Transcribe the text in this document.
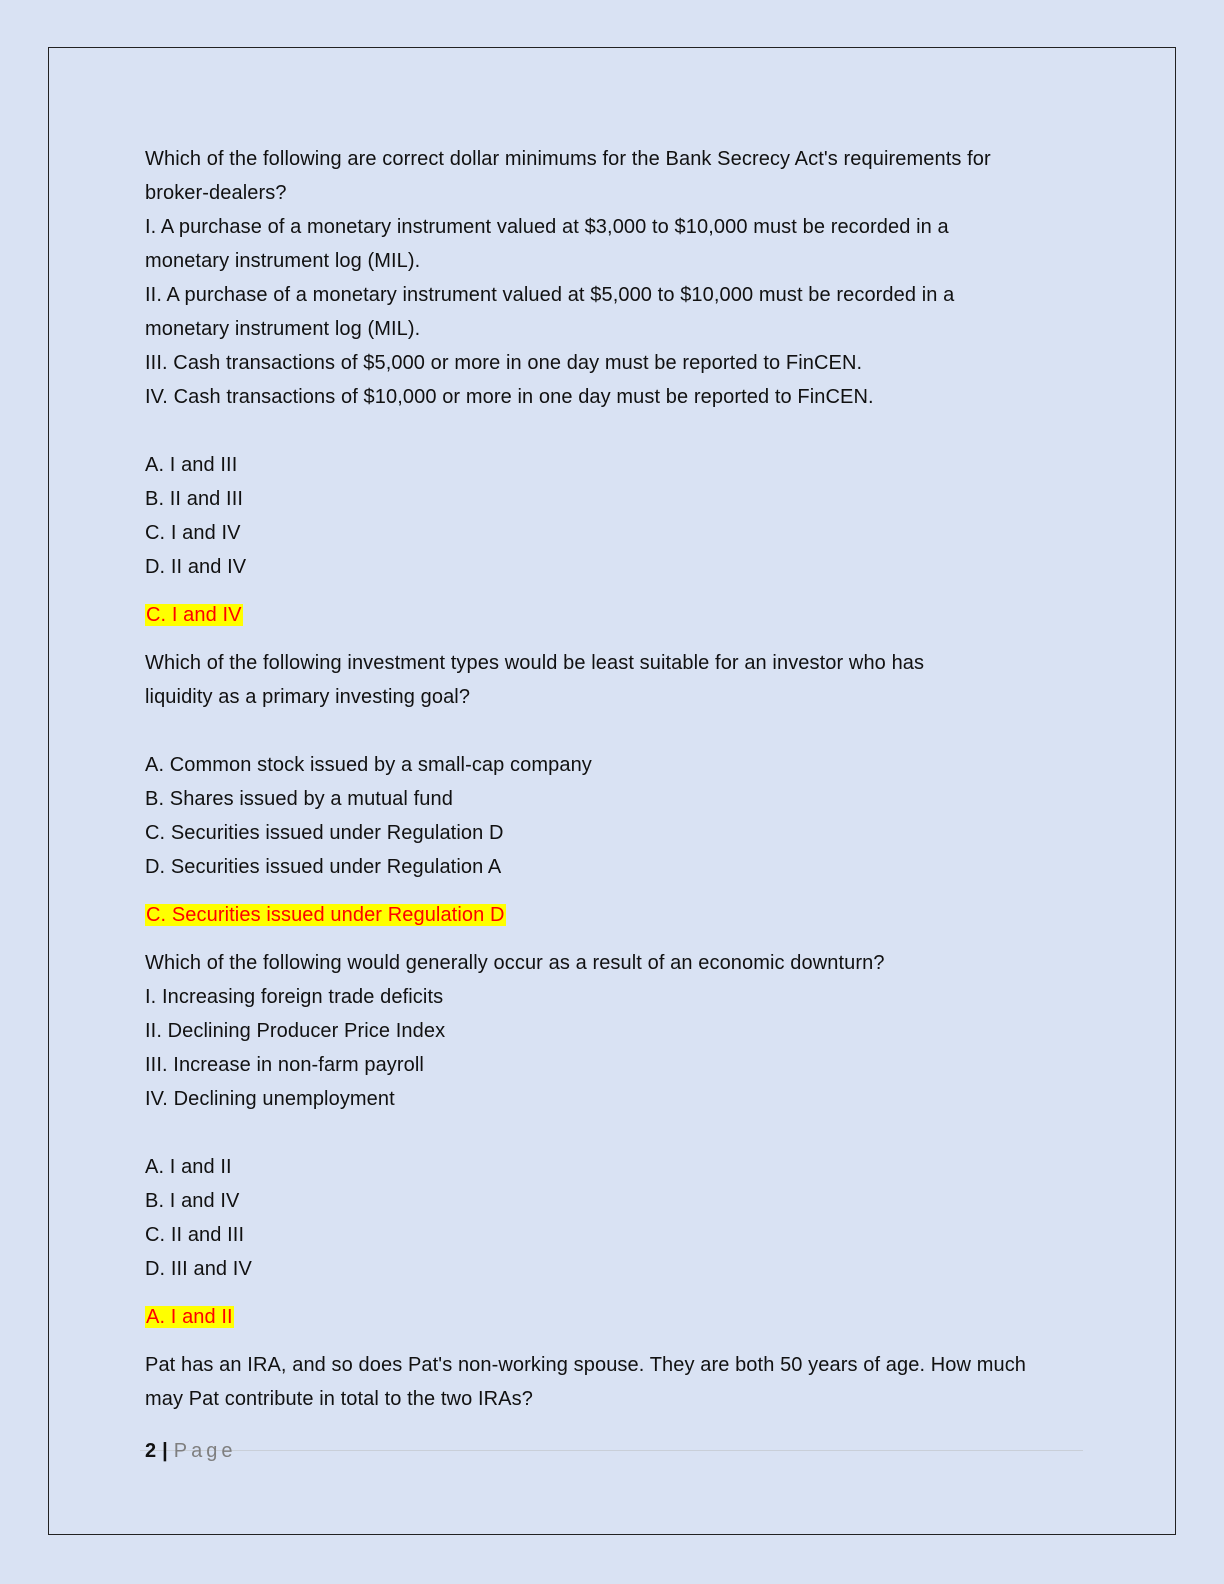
Which of the following are correct dollar minimums for the Bank Secrecy Act's requirements for
broker-dealers?
I. A purchase of a monetary instrument valued at $3,000 to $10,000 must be recorded in a
monetary instrument log (MIL).
II. A purchase of a monetary instrument valued at $5,000 to $10,000 must be recorded in a
monetary instrument log (MIL).
III. Cash transactions of $5,000 or more in one day must be reported to FinCEN.
IV. Cash transactions of $10,000 or more in one day must be reported to FinCEN.
A. I and III
B. II and III
C. I and IV
D. II and IV
C. I and IV
Which of the following investment types would be least suitable for an investor who has
liquidity as a primary investing goal?
A. Common stock issued by a small-cap company
B. Shares issued by a mutual fund
C. Securities issued under Regulation D
D. Securities issued under Regulation A
C. Securities issued under Regulation D
Which of the following would generally occur as a result of an economic downturn?
I. Increasing foreign trade deficits
II. Declining Producer Price Index
III. Increase in non-farm payroll
IV. Declining unemployment
A. I and II
B. I and IV
C. II and III
D. III and IV
A. I and II
Pat has an IRA, and so does Pat's non-working spouse. They are both 50 years of age. How much
may Pat contribute in total to the two IRAs?
2 | Page
